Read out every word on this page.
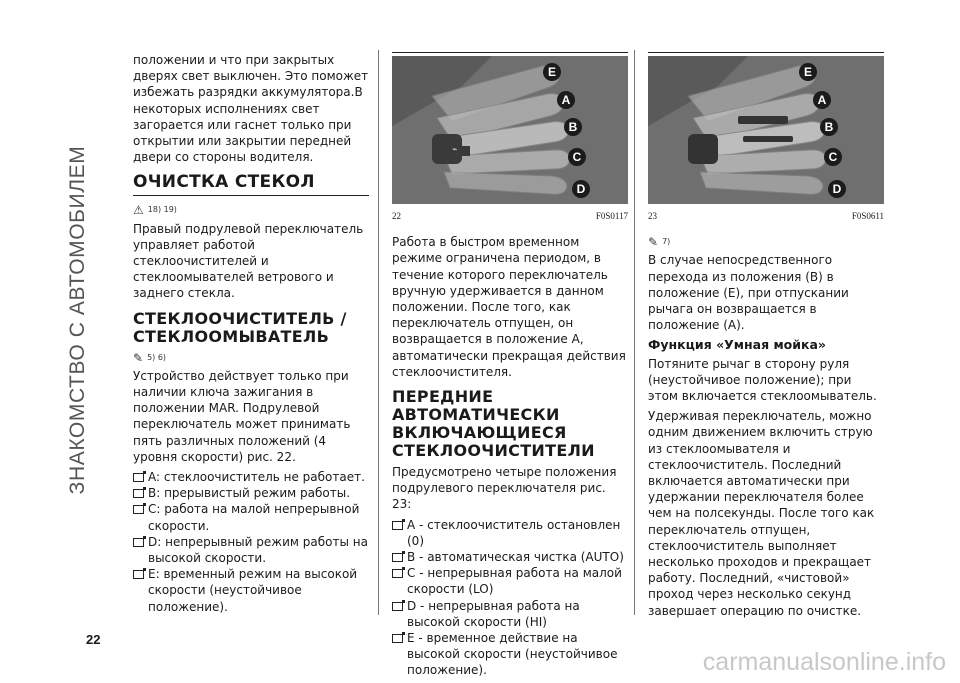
ЗНАКОМСТВО С АВТОМОБИЛЕМ

положении и что при закрытых дверях свет выключен. Это поможет избежать разрядки аккумулятора.В некоторых исполнениях свет загорается или гаснет только при открытии или закрытии передней двери со стороны водителя.

ОЧИСТКА СТЕКОЛ
⚠ 18) 19)

Правый подрулевой переключатель управляет работой стеклоочистителей и стеклоомывателей ветрового и заднего стекла.

СТЕКЛООЧИСТИТЕЛЬ / СТЕКЛООМЫВАТЕЛЬ
✎ 5) 6)

Устройство действует только при наличии ключа зажигания в положении MAR. Подрулевой переключатель может принимать пять различных положений (4 уровня скорости) рис. 22.

A: стеклоочиститель не работает.
B: прерывистый режим работы.
C: работа на малой непрерывной скорости.
D: непрерывный режим работы на высокой скорости.
E: временный режим на высокой скорости (неустойчивое положение).
⌁
E
A
B
C
D
22	F0S0117

Работа в быстром временном режиме ограничена периодом, в течение которого переключатель вручную удерживается в данном положении. После того, как переключатель отпущен, он возвращается в положение A, автоматически прекращая действия стеклоочистителя.

ПЕРЕДНИЕ АВТОМАТИЧЕСКИ ВКЛЮЧАЮЩИЕСЯ СТЕКЛООЧИСТИТЕЛИ

Предусмотрено четыре положения подрулевого переключателя рис. 23:

A - стеклоочиститель остановлен (0)
B - автоматическая чистка (AUTO)
C - непрерывная работа на малой скорости (LO)
D - непрерывная работа на высокой скорости (HI)
E - временное действие на высокой скорости (неустойчивое положение).
E
A
B
C
D
23	F0S0611
✎ 7)

В случае непосредственного перехода из положения (B) в положение (E), при отпускании рычага он возвращается в положение (A).

Функция «Умная мойка»

Потяните рычаг в сторону руля (неустойчивое положение); при этом включается стеклоомыватель.

Удерживая переключатель, можно одним движением включить струю из стеклоомывателя и стеклоочиститель. Последний включается автоматически при удержании переключателя более чем на полсекунды. После того как переключатель отпущен, стеклоочиститель выполняет несколько проходов и прекращает работу. Последний, «чистовой» проход через несколько секунд завершает операцию по очистке.

22
carmanualsonline.info
